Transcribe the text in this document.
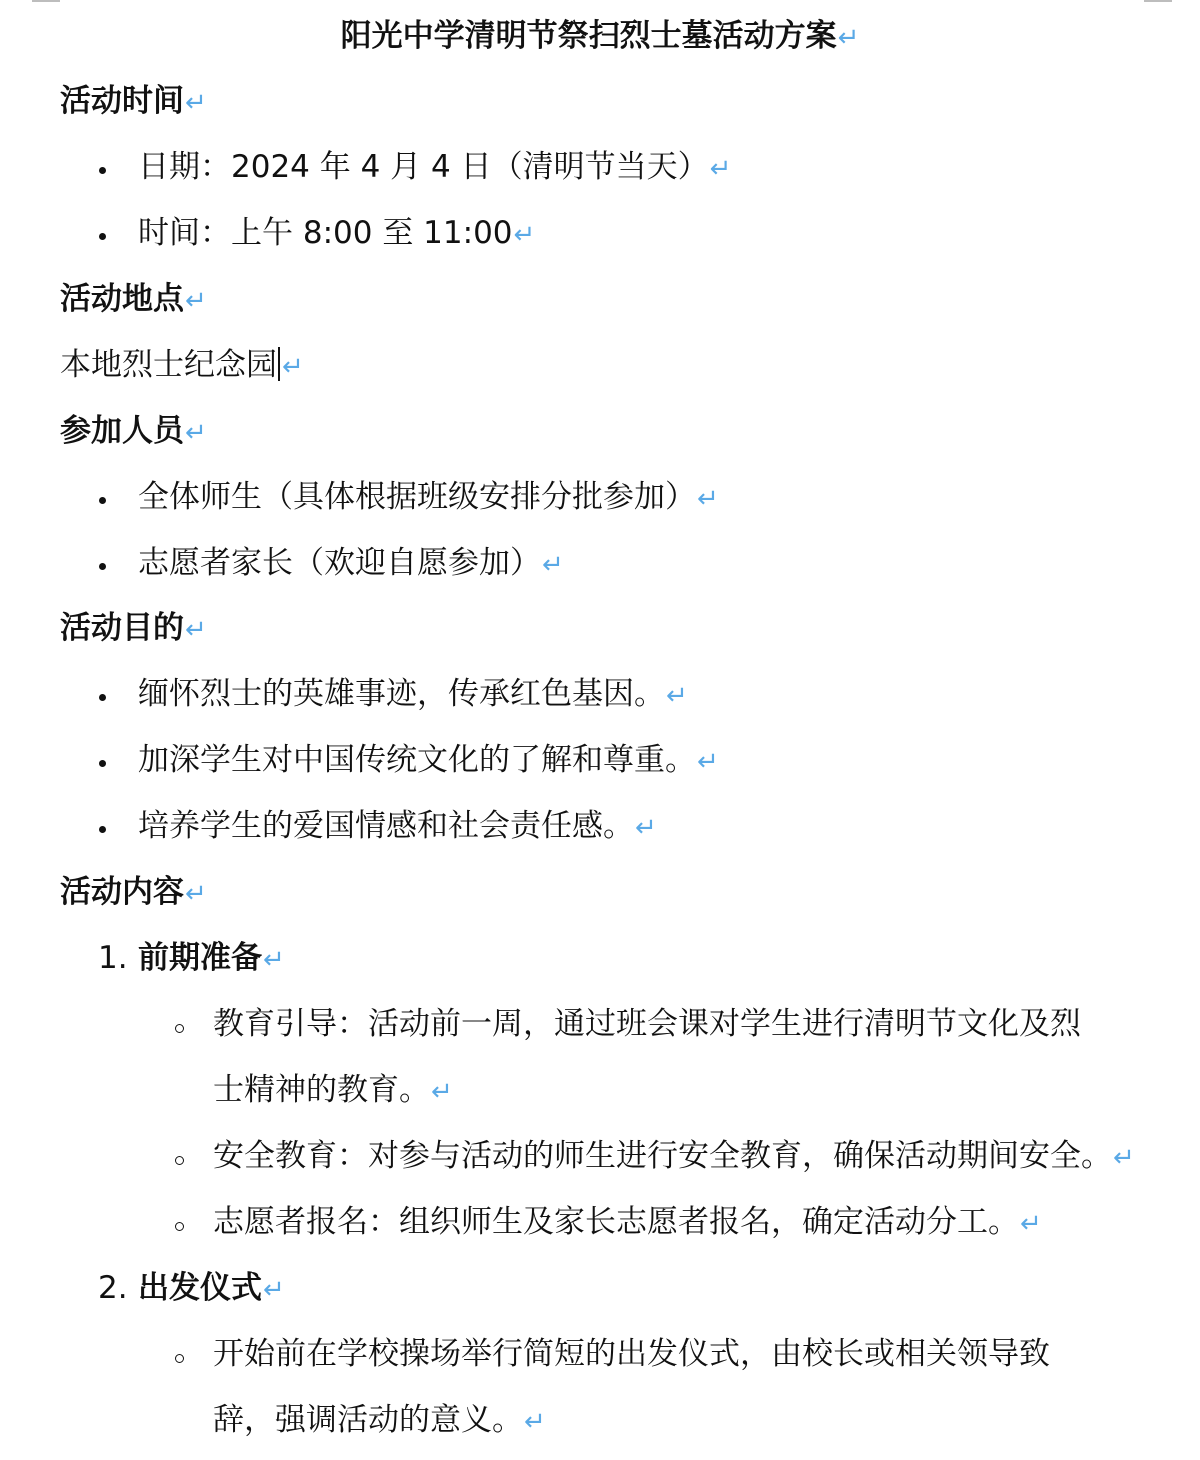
阳光中学清明节祭扫烈士墓活动方案↵
活动时间↵
日期：2024 年 4 月 4 日（清明节当天）↵
时间：上午 8:00 至 11:00↵
活动地点↵
本地烈士纪念园 ↵
参加人员↵
全体师生（具体根据班级安排分批参加）↵
志愿者家长（欢迎自愿参加）↵
活动目的↵
缅怀烈士的英雄事迹，传承红色基因。↵
加深学生对中国传统文化的了解和尊重。↵
培养学生的爱国情感和社会责任感。↵
活动内容↵
1. 前期准备↵
教育引导：活动前一周，通过班会课对学生进行清明节文化及烈
士精神的教育。↵
安全教育：对参与活动的师生进行安全教育，确保活动期间安全。↵
志愿者报名：组织师生及家长志愿者报名，确定活动分工。↵
2. 出发仪式↵
开始前在学校操场举行简短的出发仪式，由校长或相关领导致
辞，强调活动的意义。↵
